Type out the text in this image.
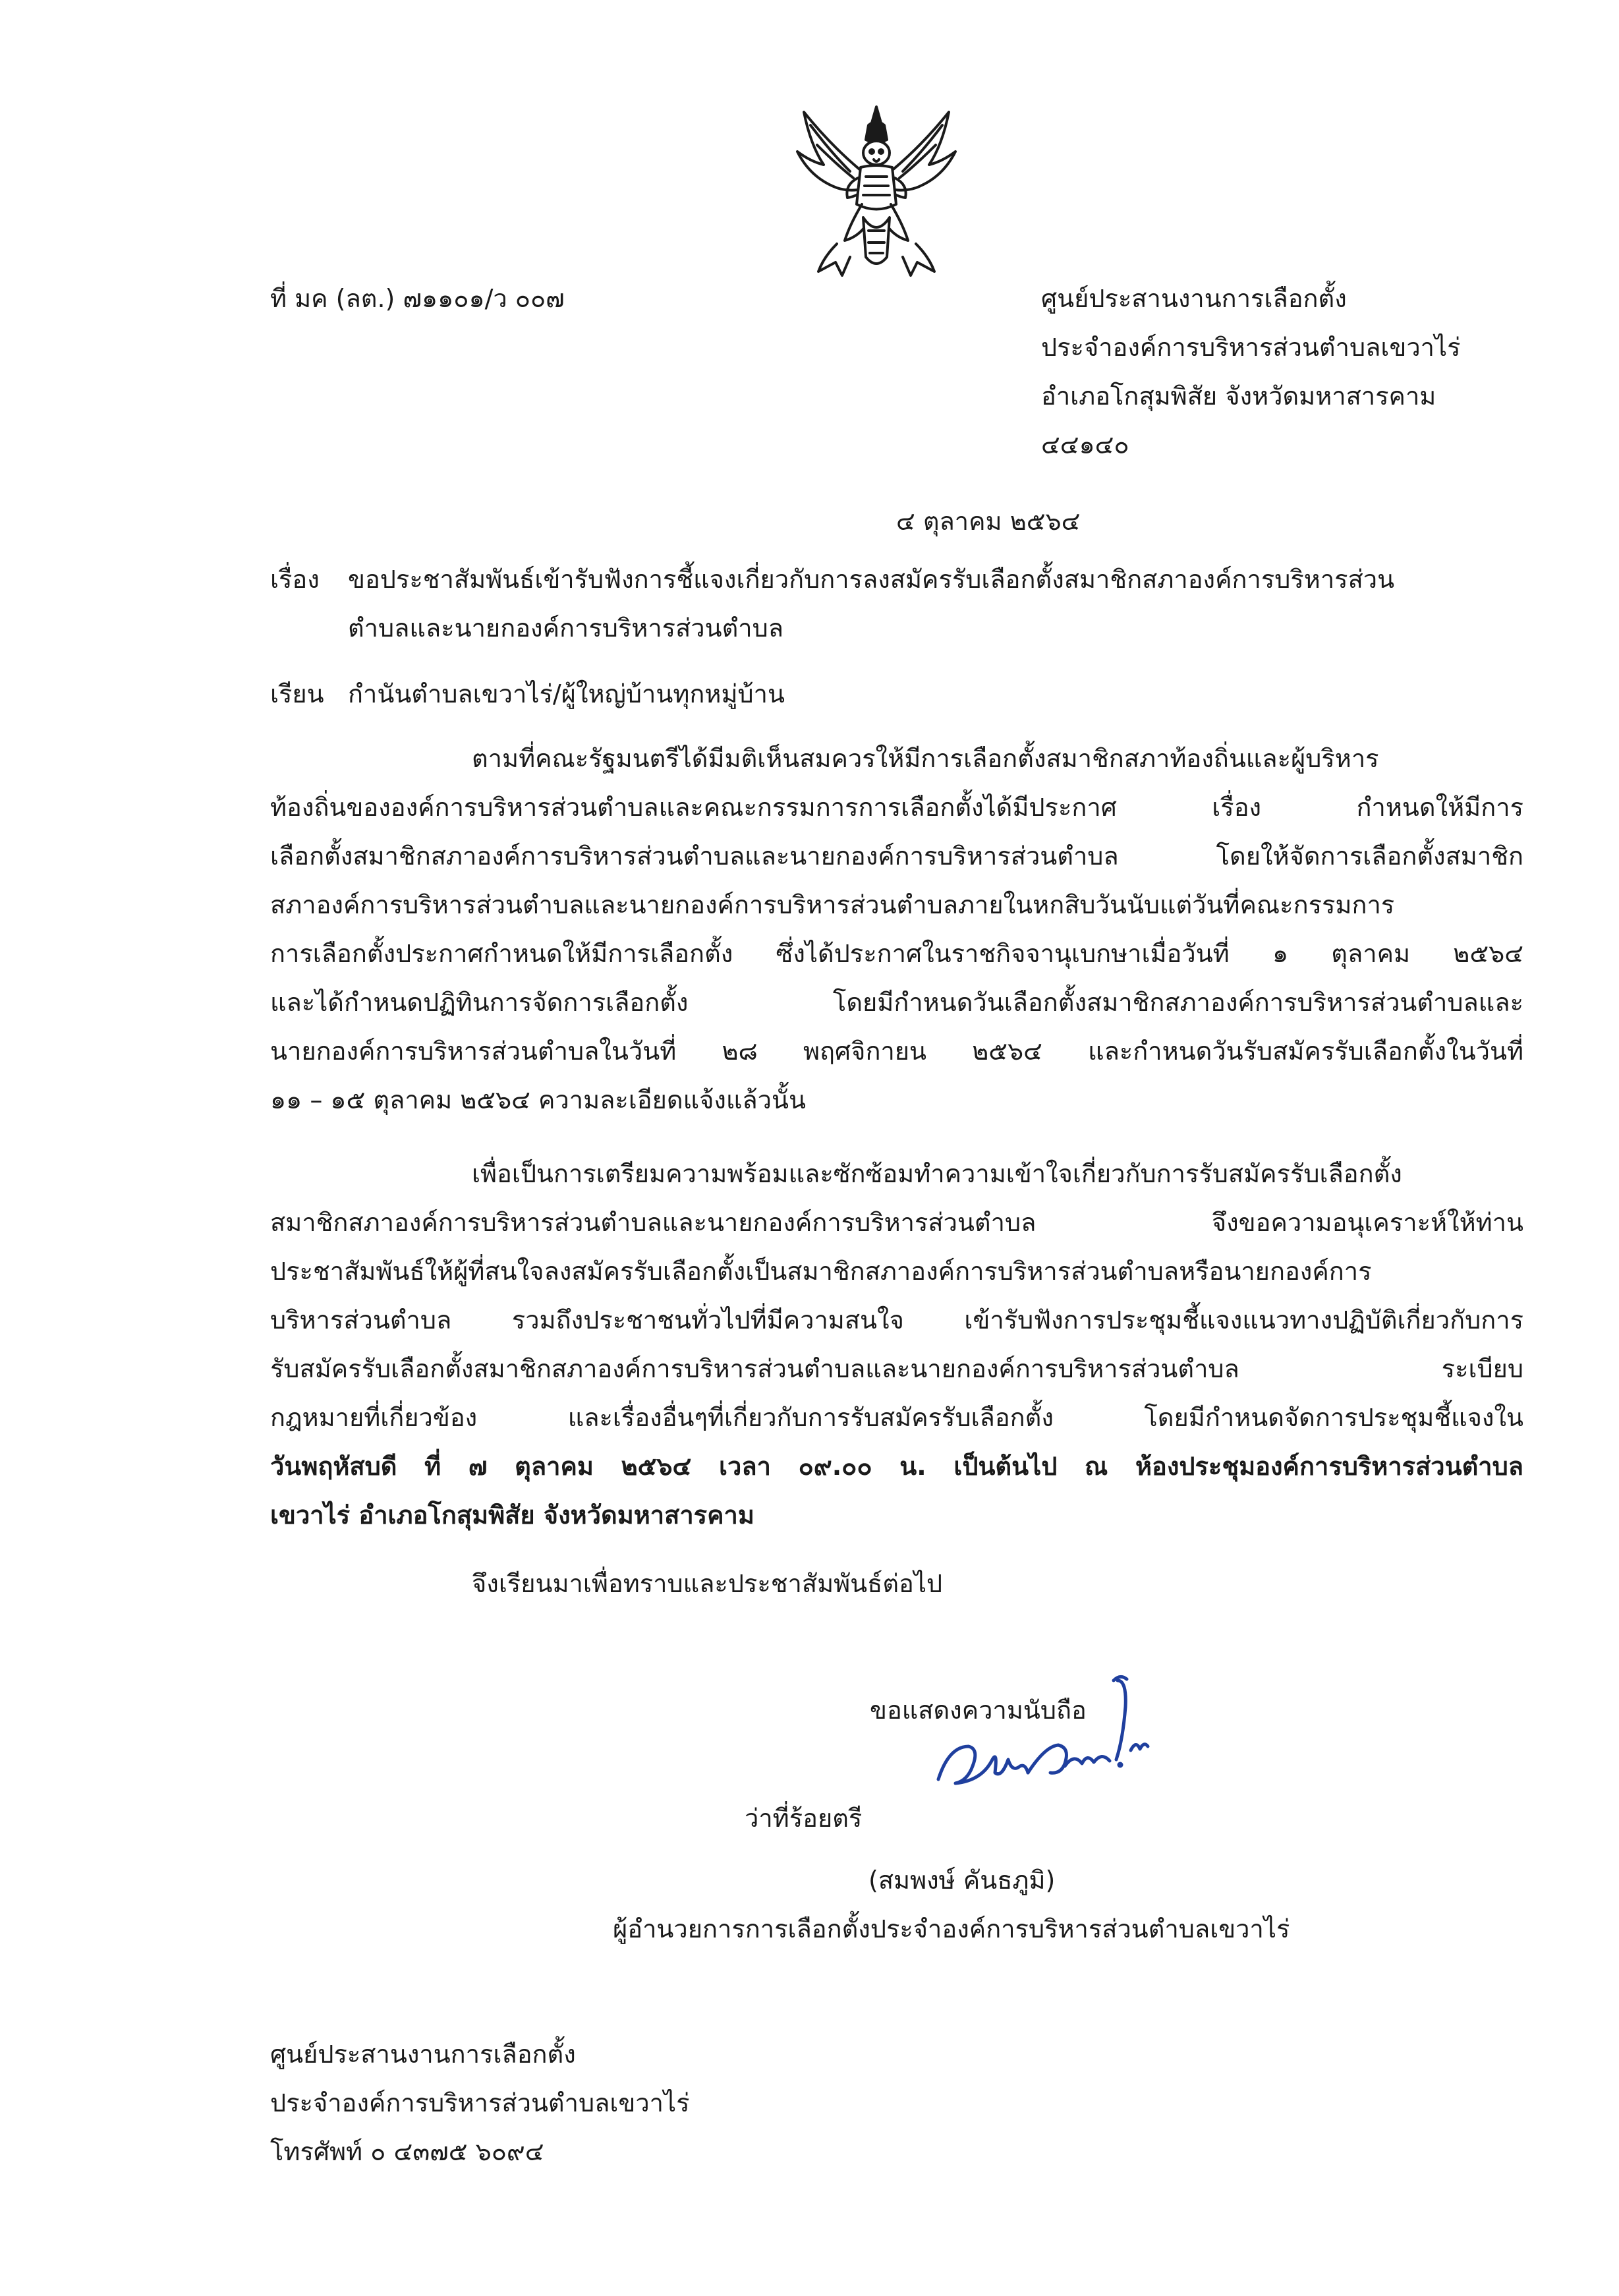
ที่ มค (ลต.) ๗๑๑๐๑/ว ๐๐๗	ศูนย์ประสานงานการเลือกตั้ง
ประจำองค์การบริหารส่วนตำบลเขวาไร่
อำเภอโกสุมพิสัย จังหวัดมหาสารคาม
๔๔๑๔๐
๔ ตุลาคม ๒๕๖๔
เรื่อง ขอประชาสัมพันธ์เข้ารับฟังการชี้แจงเกี่ยวกับการลงสมัครรับเลือกตั้งสมาชิกสภาองค์การบริหารส่วน
ตำบลและนายกองค์การบริหารส่วนตำบล
เรียน กำนันตำบลเขวาไร่/ผู้ใหญ่บ้านทุกหมู่บ้าน
ตามที่คณะรัฐมนตรีได้มีมติเห็นสมควรให้มีการเลือกตั้งสมาชิกสภาท้องถิ่นและผู้บริหาร
ท้องถิ่นขององค์การบริหารส่วนตำบลและคณะกรรมการการเลือกตั้งได้มีประกาศ เรื่อง กำหนดให้มีการ
เลือกตั้งสมาชิกสภาองค์การบริหารส่วนตำบลและนายกองค์การบริหารส่วนตำบล โดยให้จัดการเลือกตั้งสมาชิก
สภาองค์การบริหารส่วนตำบลและนายกองค์การบริหารส่วนตำบลภายในหกสิบวันนับแต่วันที่คณะกรรมการ
การเลือกตั้งประกาศกำหนดให้มีการเลือกตั้ง ซึ่งได้ประกาศในราชกิจจานุเบกษาเมื่อวันที่ ๑ ตุลาคม ๒๕๖๔
และได้กำหนดปฏิทินการจัดการเลือกตั้ง โดยมีกำหนดวันเลือกตั้งสมาชิกสภาองค์การบริหารส่วนตำบลและ
นายกองค์การบริหารส่วนตำบลในวันที่ ๒๘ พฤศจิกายน ๒๕๖๔ และกำหนดวันรับสมัครรับเลือกตั้งในวันที่
๑๑ – ๑๕ ตุลาคม ๒๕๖๔ ความละเอียดแจ้งแล้วนั้น
เพื่อเป็นการเตรียมความพร้อมและซักซ้อมทำความเข้าใจเกี่ยวกับการรับสมัครรับเลือกตั้ง
สมาชิกสภาองค์การบริหารส่วนตำบลและนายกองค์การบริหารส่วนตำบล จึงขอความอนุเคราะห์ให้ท่าน
ประชาสัมพันธ์ให้ผู้ที่สนใจลงสมัครรับเลือกตั้งเป็นสมาชิกสภาองค์การบริหารส่วนตำบลหรือนายกองค์การ
บริหารส่วนตำบล รวมถึงประชาชนทั่วไปที่มีความสนใจ เข้ารับฟังการประชุมชี้แจงแนวทางปฏิบัติเกี่ยวกับการ
รับสมัครรับเลือกตั้งสมาชิกสภาองค์การบริหารส่วนตำบลและนายกองค์การบริหารส่วนตำบล ระเบียบ
กฎหมายที่เกี่ยวข้อง และเรื่องอื่นๆที่เกี่ยวกับการรับสมัครรับเลือกตั้ง โดยมีกำหนดจัดการประชุมชี้แจงใน
วันพฤหัสบดี ที่ ๗ ตุลาคม ๒๕๖๔ เวลา ๐๙.๐๐ น. เป็นต้นไป ณ ห้องประชุมองค์การบริหารส่วนตำบล
เขวาไร่ อำเภอโกสุมพิสัย จังหวัดมหาสารคาม
จึงเรียนมาเพื่อทราบและประชาสัมพันธ์ต่อไป
ขอแสดงความนับถือ
ว่าที่ร้อยตรี
(สมพงษ์ คันธภูมิ)
ผู้อำนวยการการเลือกตั้งประจำองค์การบริหารส่วนตำบลเขวาไร่
ศูนย์ประสานงานการเลือกตั้ง
ประจำองค์การบริหารส่วนตำบลเขวาไร่
โทรศัพท์ ๐ ๔๓๗๕ ๖๐๙๔
